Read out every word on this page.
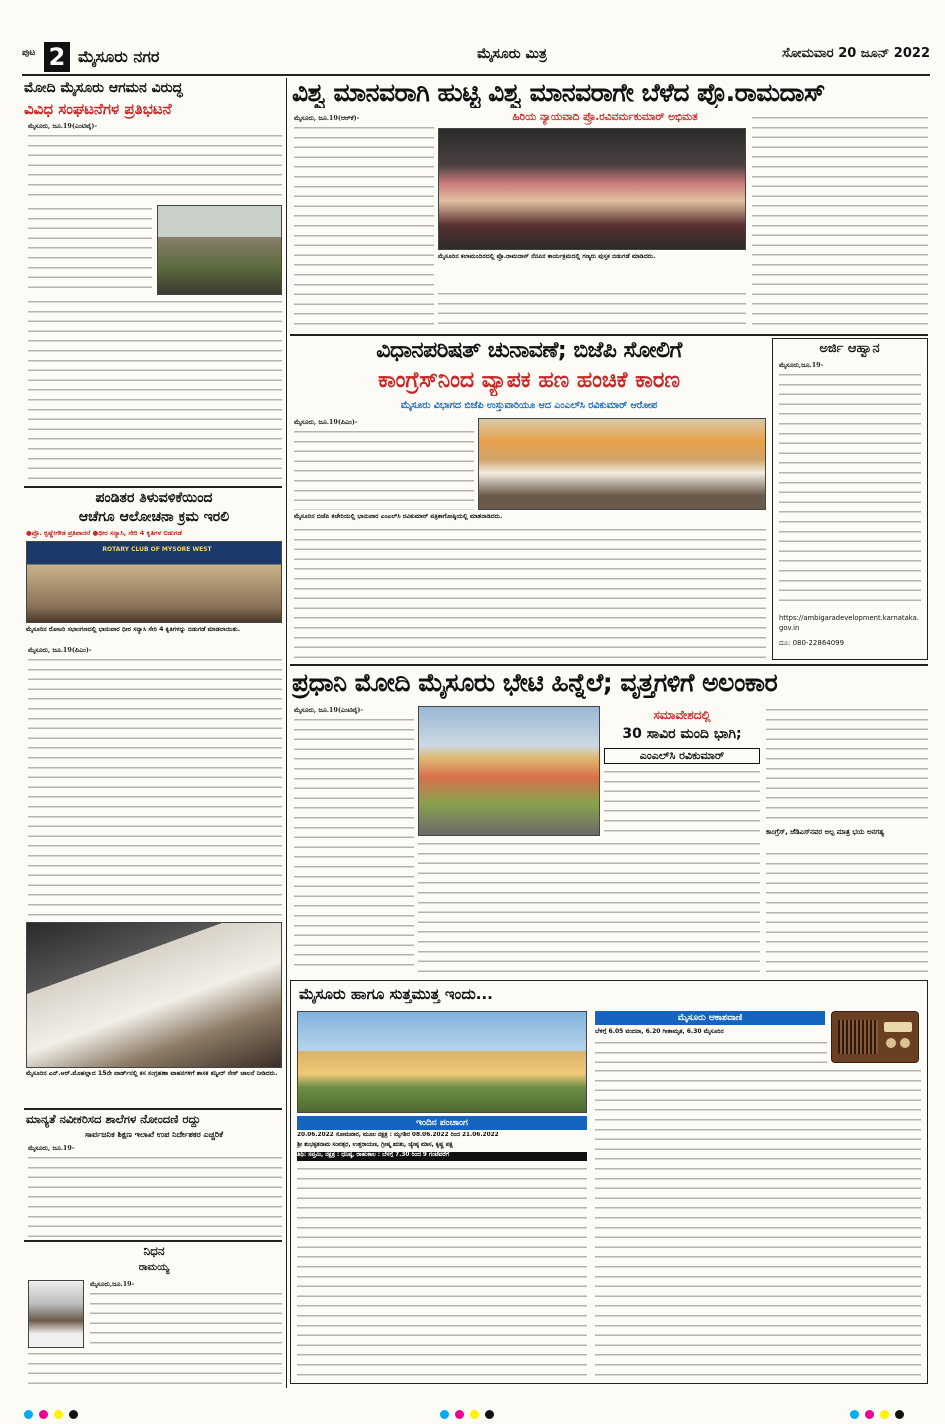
ಪುಟ 2 ಮೈಸೂರು ನಗರ	ಮೈಸೂರು ಮಿತ್ರ	ಸೋಮವಾರ 20 ಜೂನ್ 2022
ಮೋದಿ ಮೈಸೂರು ಆಗಮನ ವಿರುದ್ಧ
ವಿವಿಧ ಸಂಘಟನೆಗಳ ಪ್ರತಿಭಟನೆ
ಮೈಸೂರು, ಜೂ.19(ಎಂಟಿವೈ)-
ಪಂಡಿತರ ತಿಳುವಳಿಕೆಯಿಂದ
ಆಚೆಗೂ ಆಲೋಚನಾ ಕ್ರಮ ಇರಲಿ
●ಪ್ರೊ. ಕೃಷ್ಣೇಗೌಡ ಪ್ರತಿಪಾದನೆ ●ಧೀರ ಸನ್ಯಾಸಿ, ಸೇರಿ 4 ಕೃತಿಗಳ ಬಿಡುಗಡೆ
ROTARY CLUB OF MYSORE WEST
ಮೈಸೂರಿನ ರೋಟರಿ ಸಭಾಂಗಣದಲ್ಲಿ ಭಾನುವಾರ ಧೀರ ಸನ್ಯಾಸಿ ಸೇರಿ 4 ಕೃತಿಗಳನ್ನು ಬಿಡುಗಡೆ ಮಾಡಲಾಯಿತು.
ಮೈಸೂರು, ಜೂ.19(ಪಿಎಂ)-
ಮೈಸೂರಿನ ಎನ್.ಆರ್.ಮೊಹಲ್ಲಾದ 15ನೇ ವಾರ್ಡ್‌ನಲ್ಲಿ ಕಸ ಸಂಗ್ರಹಣಾ ವಾಹನಗಳಿಗೆ ಶಾಸಕ ತನ್ವೀರ್ ಸೇಠ್ ಚಾಲನೆ ನೀಡಿದರು.
ಮಾನ್ಯತೆ ನವೀಕರಿಸದ ಶಾಲೆಗಳ ನೋಂದಣಿ ರದ್ದು
ಸಾರ್ವಜನಿಕ ಶಿಕ್ಷಣ ಇಲಾಖೆ ಉಪ ನಿರ್ದೇಶಕರ ಎಚ್ಚರಿಕೆ
ಮೈಸೂರು, ಜೂ.19-
ನಿಧನ
ರಾಮಯ್ಯ
ಮೈಸೂರು,ಜೂ.19-
ವಿಶ್ವ ಮಾನವರಾಗಿ ಹುಟ್ಟಿ ವಿಶ್ವ ಮಾನವರಾಗೇ ಬೆಳೆದ ಪ್ರೊ.ರಾಮದಾಸ್
ಹಿರಿಯ ನ್ಯಾಯವಾದಿ ಪ್ರೊ.ರವಿವರ್ಮಕುಮಾರ್ ಅಭಿಮತ
ಮೈಸೂರು, ಜೂ.19(ಆರ್‌ಕೆ)-
ಮೈಸೂರಿನ ಕಲಾಮಂದಿರದಲ್ಲಿ ಪ್ರೊ.ರಾಮದಾಸ್ ನೆನಪಿನ ಕಾರ್ಯಕ್ರಮದಲ್ಲಿ ಗಣ್ಯರು ಪುಸ್ತಕ ಬಿಡುಗಡೆ ಮಾಡಿದರು.
ವಿಧಾನಪರಿಷತ್ ಚುನಾವಣೆ; ಬಿಜೆಪಿ ಸೋಲಿಗೆ
ಕಾಂಗ್ರೆಸ್‌ನಿಂದ ವ್ಯಾಪಕ ಹಣ ಹಂಚಿಕೆ ಕಾರಣ
ಮೈಸೂರು ವಿಭಾಗದ ಬಿಜೆಪಿ ಉಸ್ತುವಾರಿಯೂ ಆದ ಎಂಎಲ್‌ಸಿ ರವಿಕುಮಾರ್ ಆರೋಪ
ಮೈಸೂರು, ಜೂ.19(ಪಿಎಂ)-
ಮೈಸೂರಿನ ಬಿಜೆಪಿ ಕಚೇರಿಯಲ್ಲಿ ಭಾನುವಾರ ಎಂಎಲ್‌ಸಿ ರವಿಕುಮಾರ್ ಪತ್ರಿಕಾಗೋಷ್ಠಿಯಲ್ಲಿ ಮಾತನಾಡಿದರು.
ಅರ್ಜಿ ಆಹ್ವಾನ
ಮೈಸೂರು,ಜೂ.19-
https://ambigaradevelopment.karnataka.gov.in
ದೂ: 080-22864099
ಪ್ರಧಾನಿ ಮೋದಿ ಮೈಸೂರು ಭೇಟಿ ಹಿನ್ನೆಲೆ; ವೃತ್ತಗಳಿಗೆ ಅಲಂಕಾರ
ಮೈಸೂರು, ಜೂ.19(ಎಂಟಿವೈ)-	ಸಮಾವೇಶದಲ್ಲಿ
30 ಸಾವಿರ ಮಂದಿ ಭಾಗಿ;
ಎಂಎಲ್‌ಸಿ ರವಿಕುಮಾರ್
ಕಾಂಗ್ರೆಸ್, ಜೆಡಿಎಸ್‌ನವರ ಅಲ್ಪ ಮಾತ್ರ ಭಯ ಅನಗತ್ಯ
ಮೈಸೂರು ಹಾಗೂ ಸುತ್ತಮುತ್ತ ಇಂದು...
ಇಂದಿನ ಪಂಚಾಂಗ
20.06.2022 ಸೋಮವಾರ, ಮೂಲ ನಕ್ಷತ್ರ : ಮೃಗಶಿರ 08.06.2022 ರಿಂದ 21.06.2022
ಶ್ರೀ ಶುಭಕೃತನಾಮ ಸಂವತ್ಸರ, ಉತ್ತರಾಯಣ, ಗ್ರೀಷ್ಮ ಋತು, ಜ್ಯೇಷ್ಠ ಮಾಸ, ಕೃಷ್ಣ ಪಕ್ಷ
ತಿಥಿ: ಸಪ್ತಮಿ, ನಕ್ಷತ್ರ : ಧನಿಷ್ಠ, ರಾಹುಕಾಲ : ಬೆಳಗ್ಗೆ 7.30 ರಿಂದ 9 ಗಂಟೆವರೆಗೆ
ಮೈಸೂರು ಆಕಾಶವಾಣಿ
ಬೆಳಿಗ್ಗೆ 6.05 ವಂದನಾ, 6.20 ಗೀತಾಮೃತ, 6.30 ಮೈಸೂರಿನ
